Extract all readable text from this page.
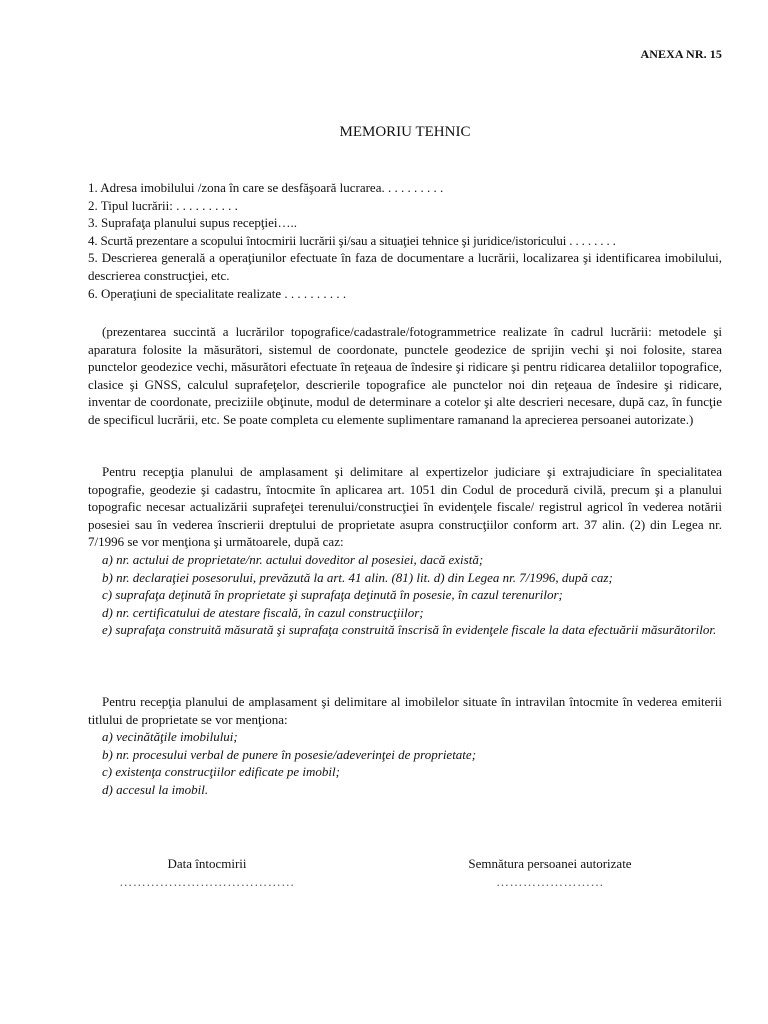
ANEXA NR. 15
MEMORIU TEHNIC
1. Adresa imobilului /zona în care se desfăşoară lucrarea. . . . . . . . . .
2. Tipul lucrării: . . . . . . . . . .
3. Suprafaţa planului supus recepţiei…..
4. Scurtă prezentare a scopului întocmirii lucrării şi/sau a situaţiei tehnice şi juridice/istoricului . . . . . . . .
5. Descrierea generală a operaţiunilor efectuate în faza de documentare a lucrării, localizarea şi identificarea imobilului, descrierea construcţiei, etc.
6. Operaţiuni de specialitate realizate . . . . . . . . . .
(prezentarea succintă a lucrărilor topografice/cadastrale/fotogrammetrice realizate în cadrul lucrării: metodele şi aparatura folosite la măsurători, sistemul de coordonate, punctele geodezice de sprijin vechi şi noi folosite, starea punctelor geodezice vechi, măsurători efectuate în reţeaua de îndesire şi ridicare şi pentru ridicarea detaliilor topografice, clasice şi GNSS, calculul suprafeţelor, descrierile topografice ale punctelor noi din reţeaua de îndesire şi ridicare, inventar de coordonate, preciziile obţinute, modul de determinare a cotelor şi alte descrieri necesare, după caz, în funcţie de specificul lucrării, etc. Se poate completa cu elemente suplimentare ramanand la aprecierea persoanei autorizate.)
Pentru recepţia planului de amplasament şi delimitare al expertizelor judiciare şi extrajudiciare în specialitatea topografie, geodezie şi cadastru, întocmite în aplicarea art. 1051 din Codul de procedură civilă, precum şi a planului topografic necesar actualizării suprafeţei terenului/construcţiei în evidenţele fiscale/ registrul agricol în vederea notării posesiei sau în vederea înscrierii dreptului de proprietate asupra construcţiilor conform art. 37 alin. (2) din Legea nr. 7/1996 se vor menţiona şi următoarele, după caz:
a) nr. actului de proprietate/nr. actului doveditor al posesiei, dacă există;
b) nr. declaraţiei posesorului, prevăzută la art. 41 alin. (81) lit. d) din Legea nr. 7/1996, după caz;
c) suprafaţa deţinută în proprietate şi suprafaţa deţinută în posesie, în cazul terenurilor;
d) nr. certificatului de atestare fiscală, în cazul construcţiilor;
e) suprafaţa construită măsurată şi suprafaţa construită înscrisă în evidenţele fiscale la data efectuării măsurătorilor.
Pentru recepţia planului de amplasament şi delimitare al imobilelor situate în intravilan întocmite în vederea emiterii titlului de proprietate se vor menţiona:
a) vecinătăţile imobilului;
b) nr. procesului verbal de punere în posesie/adeverinţei de proprietate;
c) existenţa construcţiilor edificate pe imobil;
d) accesul la imobil.
Data întocmirii
…………………………………
Semnătura persoanei autorizate
……………………
